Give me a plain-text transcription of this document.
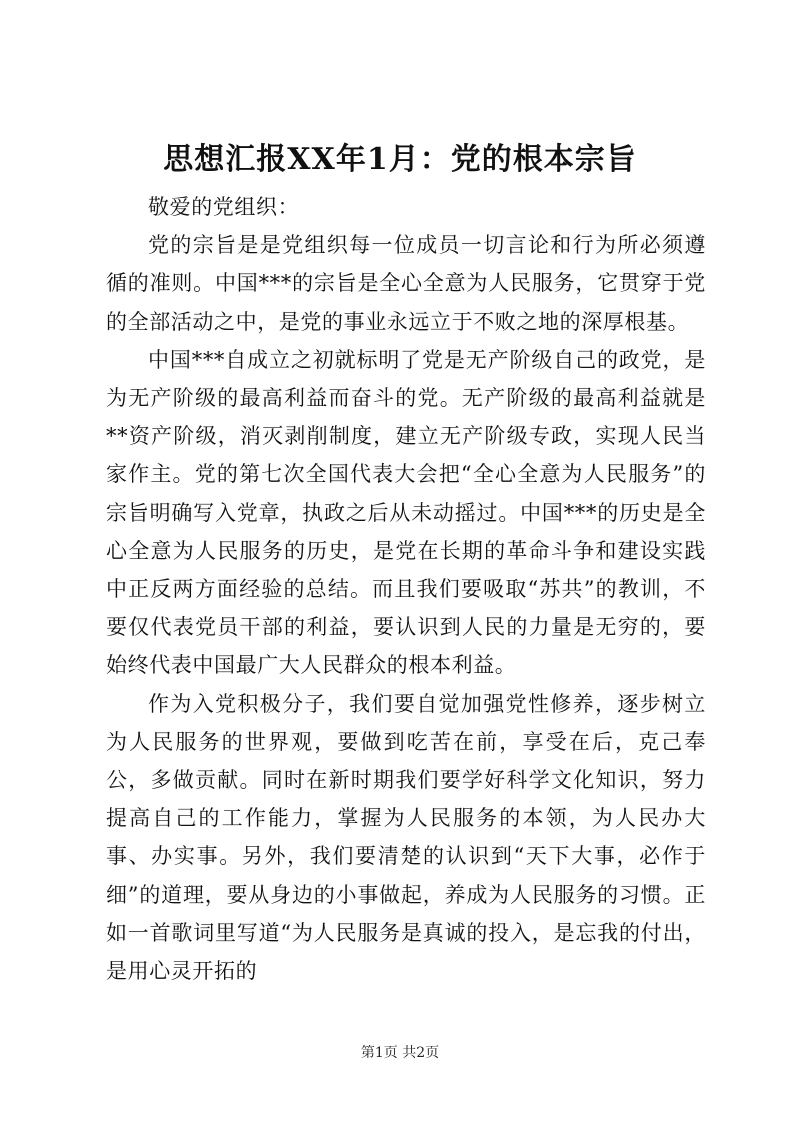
思想汇报XX年1月：党的根本宗旨

敬爱的党组织：

党的宗旨是是党组织每一位成员一切言论和行为所必须遵循的准则。中国***的宗旨是全心全意为人民服务，它贯穿于党的全部活动之中，是党的事业永远立于不败之地的深厚根基。

中国***自成立之初就标明了党是无产阶级自己的政党，是为无产阶级的最高利益而奋斗的党。无产阶级的最高利益就是**资产阶级，消灭剥削制度，建立无产阶级专政，实现人民当家作主。党的第七次全国代表大会把“全心全意为人民服务”的宗旨明确写入党章，执政之后从未动摇过。中国***的历史是全心全意为人民服务的历史，是党在长期的革命斗争和建设实践中正反两方面经验的总结。而且我们要吸取“苏共”的教训，不要仅代表党员干部的利益，要认识到人民的力量是无穷的，要始终代表中国最广大人民群众的根本利益。

作为入党积极分子，我们要自觉加强党性修养，逐步树立为人民服务的世界观，要做到吃苦在前，享受在后，克己奉公，多做贡献。同时在新时期我们要学好科学文化知识，努力提高自己的工作能力，掌握为人民服务的本领，为人民办大事、办实事。另外，我们要清楚的认识到“天下大事，必作于细”的道理，要从身边的小事做起，养成为人民服务的习惯。正如一首歌词里写道“为人民服务是真诚的投入，是忘我的付出，是用心灵开拓的

第1页 共2页
